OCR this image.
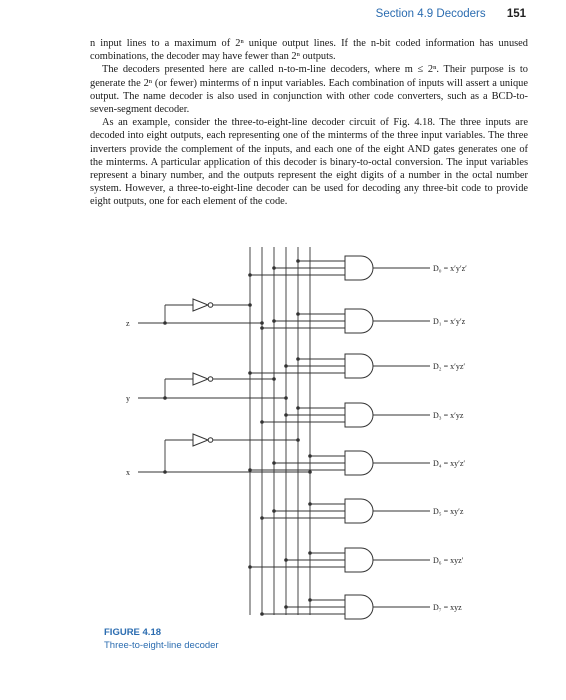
Section 4.9 Decoders 151

n input lines to a maximum of 2ⁿ unique output lines. If the n-bit coded information has unused combinations, the decoder may have fewer than 2ⁿ outputs.

The decoders presented here are called n-to-m-line decoders, where m ≤ 2ⁿ. Their purpose is to generate the 2ⁿ (or fewer) minterms of n input variables. Each combination of inputs will assert a unique output. The name decoder is also used in conjunction with other code converters, such as a BCD-to-seven-segment decoder.

As an example, consider the three-to-eight-line decoder circuit of Fig. 4.18. The three inputs are decoded into eight outputs, each representing one of the minterms of the three input variables. The three inverters provide the complement of the inputs, and each one of the eight AND gates generates one of the minterms. A particular application of this decoder is binary-to-octal conversion. The input variables represent a binary number, and the outputs represent the eight digits of a number in the octal number system. However, a three-to-eight-line decoder can be used for decoding any three-bit code to provide eight outputs, one for each element of the code.

z
y
x
D₀ = x′y′z′
D₁ = x′y′z
D₂ = x′yz′
D₃ = x′yz
D₄ = xy′z′
D₅ = xy′z
D₆ = xyz′
D₇ = xyz
FIGURE 4.18
Three-to-eight-line decoder
